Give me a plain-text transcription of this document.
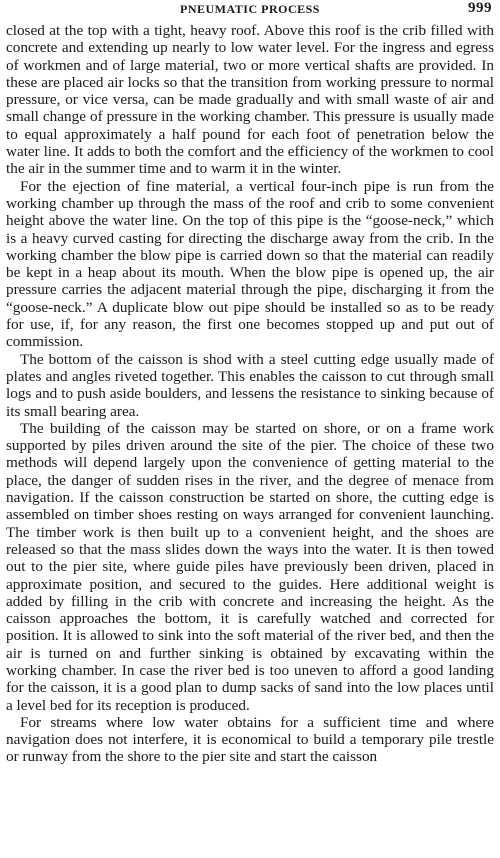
PNEUMATIC PROCESS	999

closed at the top with a tight, heavy roof. Above this roof is the crib filled with concrete and extending up nearly to low water level. For the ingress and egress of workmen and of large material, two or more vertical shafts are provided. In these are placed air locks so that the transition from working pressure to normal pressure, or vice versa, can be made gradually and with small waste of air and small change of pressure in the working chamber. This pressure is usually made to equal approximately a half pound for each foot of penetration below the water line. It adds to both the comfort and the efficiency of the workmen to cool the air in the summer time and to warm it in the winter.

For the ejection of fine material, a vertical four-inch pipe is run from the working chamber up through the mass of the roof and crib to some convenient height above the water line. On the top of this pipe is the “goose-neck,” which is a heavy curved casting for directing the discharge away from the crib. In the working chamber the blow pipe is carried down so that the material can readily be kept in a heap about its mouth. When the blow pipe is opened up, the air pressure carries the adjacent material through the pipe, discharging it from the “goose-neck.” A duplicate blow out pipe should be installed so as to be ready for use, if, for any reason, the first one becomes stopped up and put out of commission.

The bottom of the caisson is shod with a steel cutting edge usually made of plates and angles riveted together. This enables the caisson to cut through small logs and to push aside boulders, and lessens the resistance to sinking because of its small bearing area.

The building of the caisson may be started on shore, or on a frame work supported by piles driven around the site of the pier. The choice of these two methods will depend largely upon the convenience of getting material to the place, the danger of sudden rises in the river, and the degree of menace from navigation. If the caisson construction be started on shore, the cutting edge is assembled on timber shoes resting on ways arranged for convenient launching. The timber work is then built up to a convenient height, and the shoes are released so that the mass slides down the ways into the water. It is then towed out to the pier site, where guide piles have previously been driven, placed in approximate position, and secured to the guides. Here additional weight is added by filling in the crib with concrete and increasing the height. As the caisson approaches the bottom, it is carefully watched and corrected for position. It is allowed to sink into the soft material of the river bed, and then the air is turned on and further sinking is obtained by excavating within the working chamber. In case the river bed is too uneven to afford a good landing for the caisson, it is a good plan to dump sacks of sand into the low places until a level bed for its reception is produced.

For streams where low water obtains for a sufficient time and where navigation does not interfere, it is economical to build a temporary pile trestle or runway from the shore to the pier site and start the caisson
